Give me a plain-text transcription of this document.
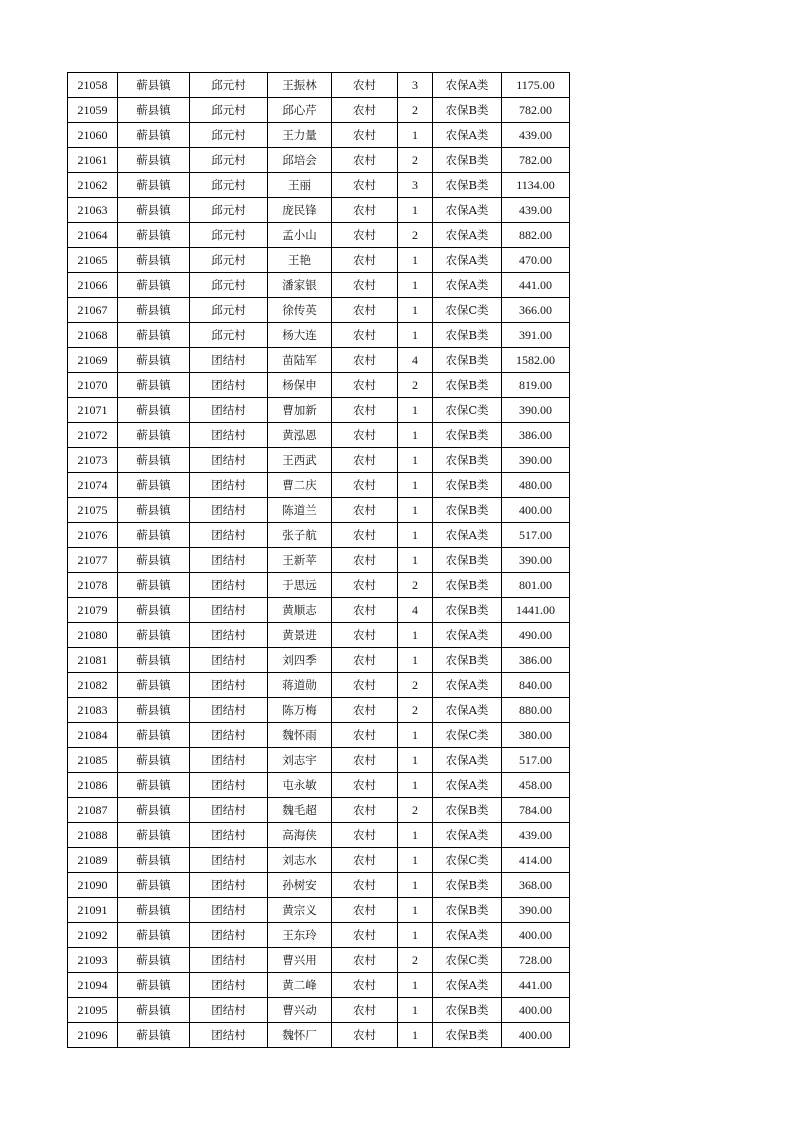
21058	蕲县镇	邱元村	王振林	农村	3	农保A类	1175.00
21059	蕲县镇	邱元村	邱心芹	农村	2	农保B类	782.00
21060	蕲县镇	邱元村	王力量	农村	1	农保A类	439.00
21061	蕲县镇	邱元村	邱培会	农村	2	农保B类	782.00
21062	蕲县镇	邱元村	王丽	农村	3	农保B类	1134.00
21063	蕲县镇	邱元村	庞民锋	农村	1	农保A类	439.00
21064	蕲县镇	邱元村	孟小山	农村	2	农保A类	882.00
21065	蕲县镇	邱元村	王艳	农村	1	农保A类	470.00
21066	蕲县镇	邱元村	潘家银	农村	1	农保A类	441.00
21067	蕲县镇	邱元村	徐传英	农村	1	农保C类	366.00
21068	蕲县镇	邱元村	杨大连	农村	1	农保B类	391.00
21069	蕲县镇	团结村	苗陆军	农村	4	农保B类	1582.00
21070	蕲县镇	团结村	杨保申	农村	2	农保B类	819.00
21071	蕲县镇	团结村	曹加新	农村	1	农保C类	390.00
21072	蕲县镇	团结村	黄泓恩	农村	1	农保B类	386.00
21073	蕲县镇	团结村	王西武	农村	1	农保B类	390.00
21074	蕲县镇	团结村	曹二庆	农村	1	农保B类	480.00
21075	蕲县镇	团结村	陈道兰	农村	1	农保B类	400.00
21076	蕲县镇	团结村	张子航	农村	1	农保A类	517.00
21077	蕲县镇	团结村	王新苹	农村	1	农保B类	390.00
21078	蕲县镇	团结村	于思远	农村	2	农保B类	801.00
21079	蕲县镇	团结村	黄顺志	农村	4	农保B类	1441.00
21080	蕲县镇	团结村	黄景进	农村	1	农保A类	490.00
21081	蕲县镇	团结村	刘四季	农村	1	农保B类	386.00
21082	蕲县镇	团结村	蒋道勋	农村	2	农保A类	840.00
21083	蕲县镇	团结村	陈万梅	农村	2	农保A类	880.00
21084	蕲县镇	团结村	魏怀雨	农村	1	农保C类	380.00
21085	蕲县镇	团结村	刘志宇	农村	1	农保A类	517.00
21086	蕲县镇	团结村	屯永敏	农村	1	农保A类	458.00
21087	蕲县镇	团结村	魏毛超	农村	2	农保B类	784.00
21088	蕲县镇	团结村	高海侠	农村	1	农保A类	439.00
21089	蕲县镇	团结村	刘志水	农村	1	农保C类	414.00
21090	蕲县镇	团结村	孙树安	农村	1	农保B类	368.00
21091	蕲县镇	团结村	黄宗义	农村	1	农保B类	390.00
21092	蕲县镇	团结村	王东玲	农村	1	农保A类	400.00
21093	蕲县镇	团结村	曹兴用	农村	2	农保C类	728.00
21094	蕲县镇	团结村	黄二峰	农村	1	农保A类	441.00
21095	蕲县镇	团结村	曹兴动	农村	1	农保B类	400.00
21096	蕲县镇	团结村	魏怀厂	农村	1	农保B类	400.00
